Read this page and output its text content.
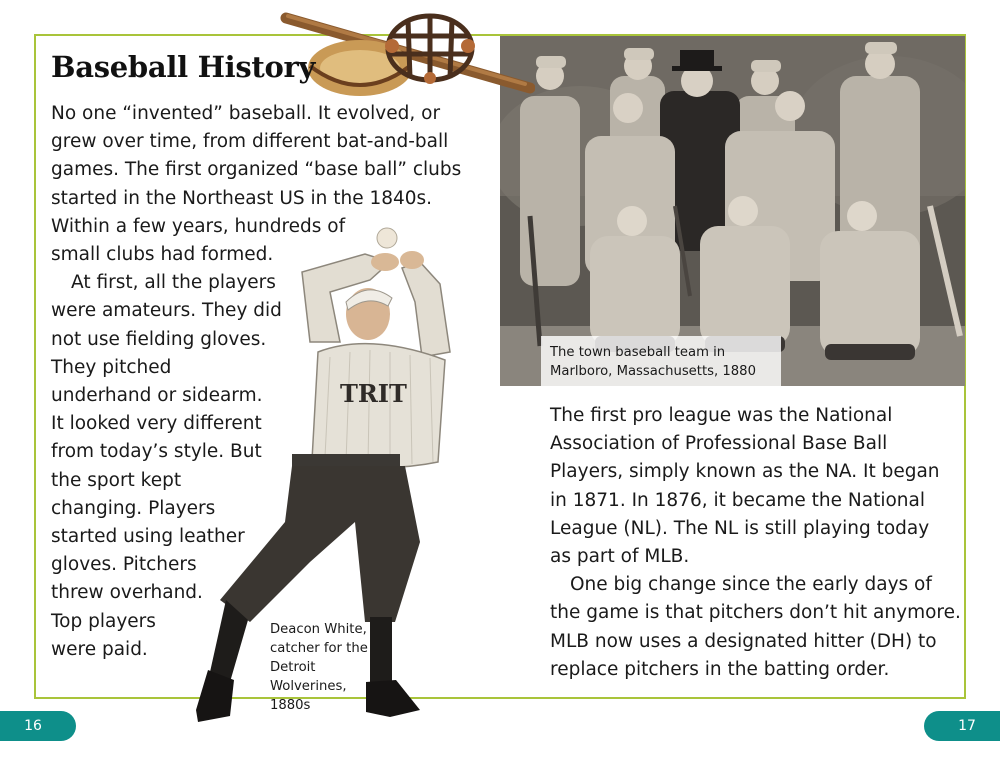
The town baseball team in
Marlboro, Massachusetts, 1880
Baseball History

No one “invented” baseball. It evolved, or

grew over time, from different bat-and-ball

games. The first organized “base ball” clubs

started in the Northeast US in the 1840s.

Within a few years, hundreds of

small clubs had formed.

At first, all the players

were amateurs. They did

not use fielding gloves.

They pitched

underhand or sidearm.

It looked very different

from today’s style. But

the sport kept

changing. Players

started using leather

gloves. Pitchers

threw overhand.

Top players

were paid.

TRIT
Deacon White,
catcher for the
Detroit Wolverines,
1880s

The first pro league was the National

Association of Professional Base Ball

Players, simply known as the NA. It began

in 1871. In 1876, it became the National

League (NL). The NL is still playing today

as part of MLB.

One big change since the early days of

the game is that pitchers don’t hit anymore.

MLB now uses a designated hitter (DH) to

replace pitchers in the batting order.

16	17
